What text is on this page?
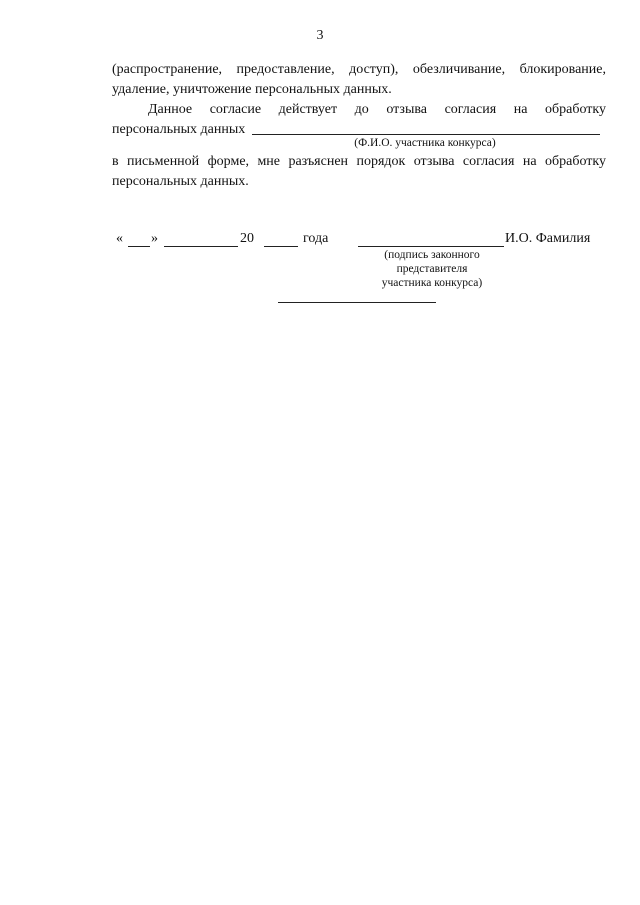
3
(распространение, предоставление, доступ), обезличивание, блокирование,
удаление, уничтожение персональных данных.
Данное согласие действует до отзыва согласия на обработку
персональных данных
(Ф.И.О. участника конкурса)
в письменной форме, мне разъяснен порядок отзыва согласия на обработку
персональных данных.
« »	20	года	И.О. Фамилия
(подпись законного
представителя
участника конкурса)
